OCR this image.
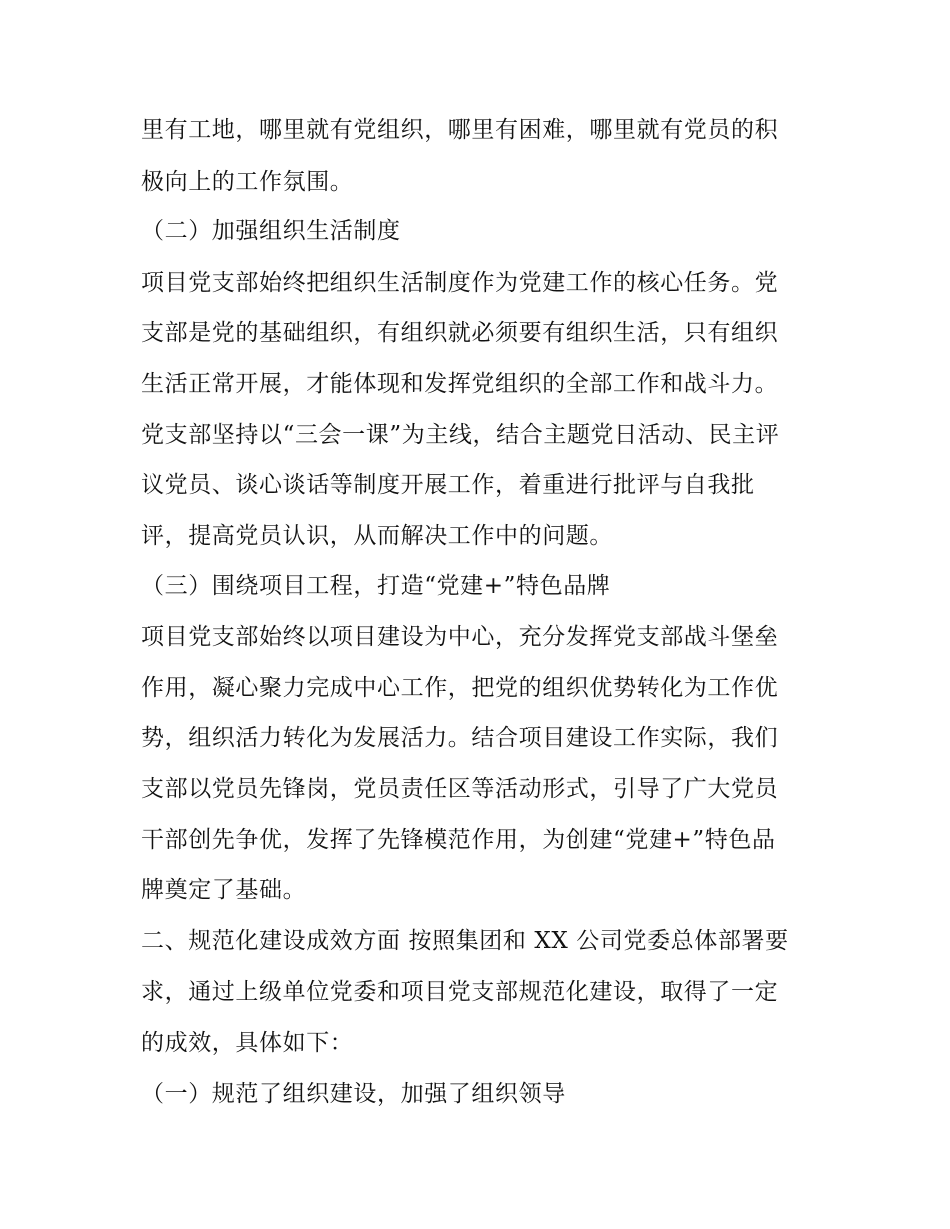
里有工地，哪里就有党组织，哪里有困难，哪里就有党员的积
极向上的工作氛围。
（二）加强组织生活制度
项目党支部始终把组织生活制度作为党建工作的核心任务。党
支部是党的基础组织，有组织就必须要有组织生活，只有组织
生活正常开展，才能体现和发挥党组织的全部工作和战斗力。
党支部坚持以“三会一课”为主线，结合主题党日活动、民主评
议党员、谈心谈话等制度开展工作，着重进行批评与自我批
评，提高党员认识，从而解决工作中的问题。
（三）围绕项目工程，打造“党建+”特色品牌
项目党支部始终以项目建设为中心，充分发挥党支部战斗堡垒
作用，凝心聚力完成中心工作，把党的组织优势转化为工作优
势，组织活力转化为发展活力。结合项目建设工作实际，我们
支部以党员先锋岗，党员责任区等活动形式，引导了广大党员
干部创先争优，发挥了先锋模范作用，为创建“党建+”特色品
牌奠定了基础。
二、规范化建设成效方面 按照集团和 XX 公司党委总体部署要
求，通过上级单位党委和项目党支部规范化建设，取得了一定
的成效，具体如下：
（一）规范了组织建设，加强了组织领导
